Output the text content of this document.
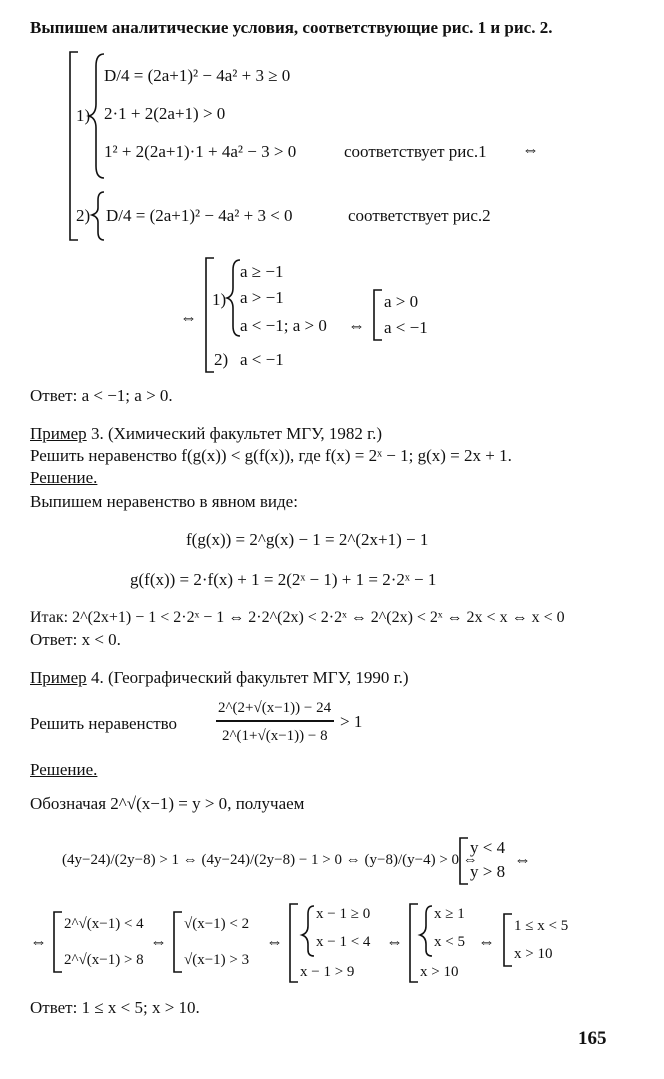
Выпишем аналитические условия, соответствующие рис. 1 и рис. 2.
1)
D/4 = (2a+1)² − 4a² + 3 ≥ 0
2·1 + 2(2a+1) > 0
1² + 2(2a+1)·1 + 4a² − 3 > 0	соответствует рис.1 ⇔
2) D/4 = (2a+1)² − 4a² + 3 < 0	соответствует рис.2
⇔
1)
a ≥ −1
a > −1
a < −1; a > 0 ⇔
a > 0
a < −1
2) a < −1
Ответ: a < −1; a > 0.
Пример 3. (Химический факультет МГУ, 1982 г.)
Решить неравенство f(g(x)) < g(f(x)), где f(x) = 2ˣ − 1; g(x) = 2x + 1.
Решение.
Выпишем неравенство в явном виде:
f(g(x)) = 2^g(x) − 1 = 2^(2x+1) − 1
g(f(x)) = 2·f(x) + 1 = 2(2ˣ − 1) + 1 = 2·2ˣ − 1
Итак: 2^(2x+1) − 1 < 2·2ˣ − 1 ⇔ 2·2^(2x) < 2·2ˣ ⇔ 2^(2x) < 2ˣ ⇔ 2x < x ⇔ x < 0
Ответ: x < 0.
Пример 4. (Географический факультет МГУ, 1990 г.)
Решить неравенство
2^(2+√(x−1)) − 24
2^(1+√(x−1)) − 8
> 1
Решение.
Обозначая 2^√(x−1) = y > 0, получаем
(4y−24)/(2y−8) > 1 ⇔ (4y−24)/(2y−8) − 1 > 0 ⇔ (y−8)/(y−4) > 0 ⇔
y < 4
y > 8
⇔
⇔
2^√(x−1) < 4
2^√(x−1) > 8
⇔
√(x−1) < 2
√(x−1) > 3
⇔
x − 1 ≥ 0
x − 1 < 4
x − 1 > 9
⇔
x ≥ 1
x < 5
x > 10
⇔
1 ≤ x < 5
x > 10
Ответ: 1 ≤ x < 5; x > 10.
165
